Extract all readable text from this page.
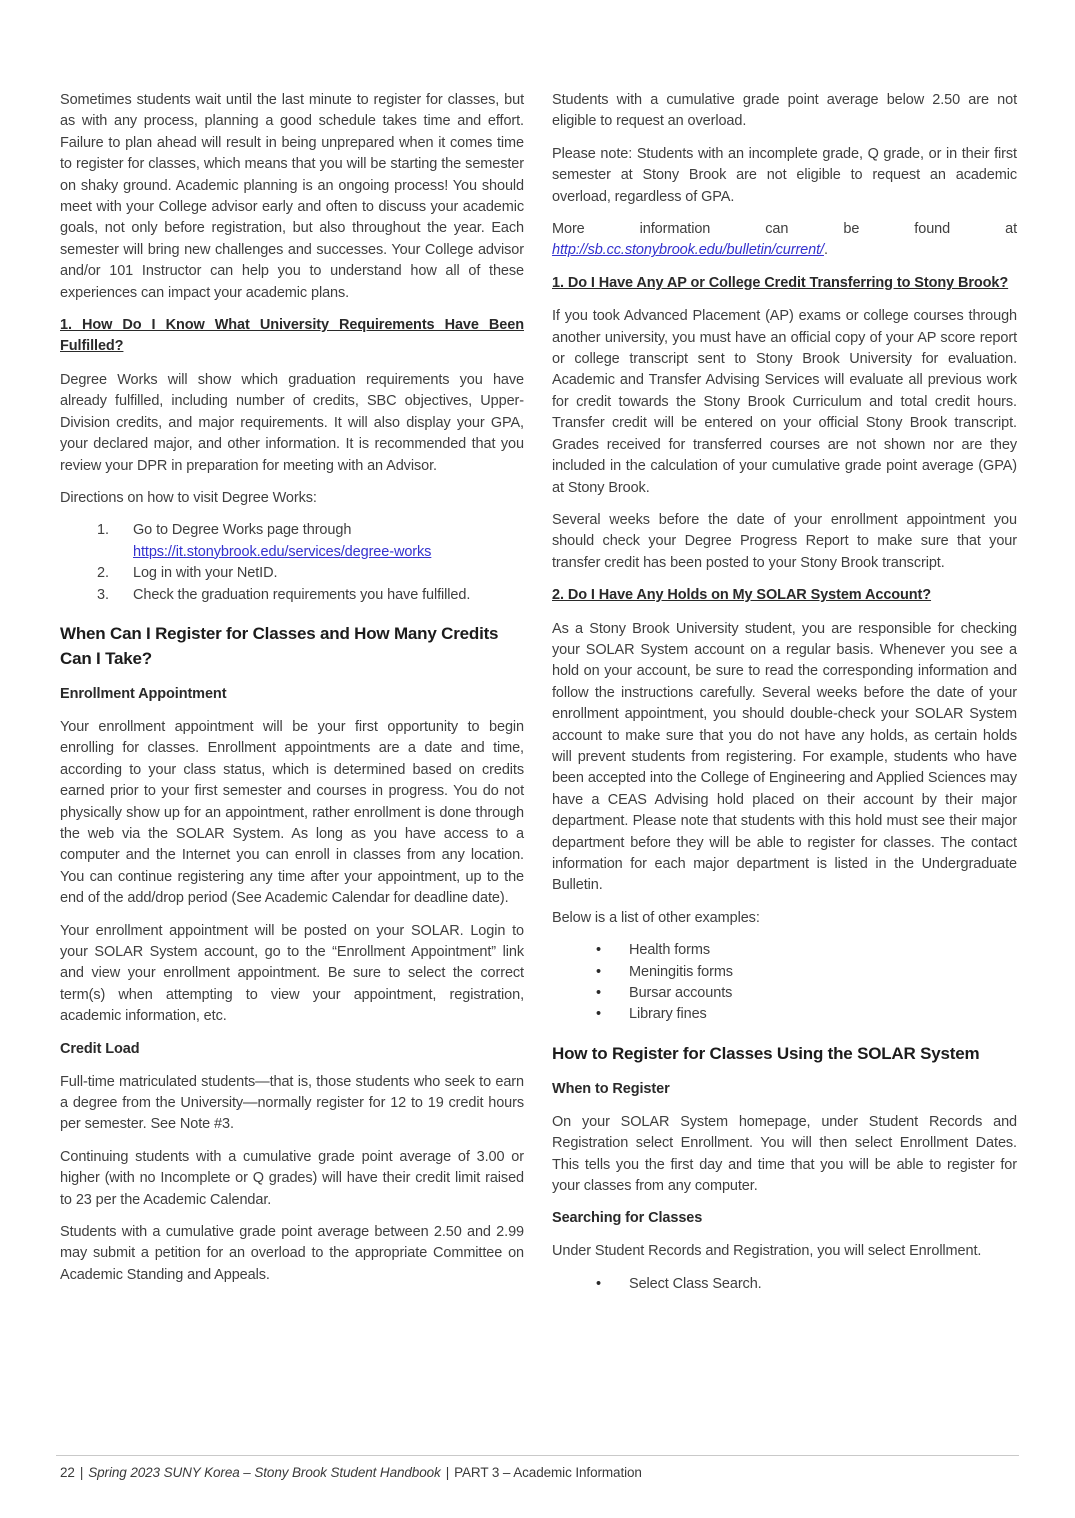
Sometimes students wait until the last minute to register for classes, but as with any process, planning a good schedule takes time and effort. Failure to plan ahead will result in being unprepared when it comes time to register for classes, which means that you will be starting the semester on shaky ground. Academic planning is an ongoing process! You should meet with your College advisor early and often to discuss your academic goals, not only before registration, but also throughout the year. Each semester will bring new challenges and successes. Your College advisor and/or 101 Instructor can help you to understand how all of these experiences can impact your academic plans.

1. How Do I Know What University Requirements Have Been Fulfilled?

Degree Works will show which graduation requirements you have already fulfilled, including number of credits, SBC objectives, Upper-Division credits, and major requirements. It will also display your GPA, your declared major, and other information. It is recommended that you review your DPR in preparation for meeting with an Advisor.

Directions on how to visit Degree Works:

1.	Go to Degree Works page through https://it.stonybrook.edu/services/degree-works
2.	Log in with your NetID.
3.	Check the graduation requirements you have fulfilled.
When Can I Register for Classes and How Many Credits Can I Take?
Enrollment Appointment

Your enrollment appointment will be your first opportunity to begin enrolling for classes. Enrollment appointments are a date and time, according to your class status, which is determined based on credits earned prior to your first semester and courses in progress. You do not physically show up for an appointment, rather enrollment is done through the web via the SOLAR System. As long as you have access to a computer and the Internet you can enroll in classes from any location. You can continue registering any time after your appointment, up to the end of the add/drop period (See Academic Calendar for deadline date).

Your enrollment appointment will be posted on your SOLAR. Login to your SOLAR System account, go to the “Enrollment Appointment” link and view your enrollment appointment. Be sure to select the correct term(s) when attempting to view your appointment, registration, academic information, etc.

Credit Load

Full-time matriculated students—that is, those students who seek to earn a degree from the University—normally register for 12 to 19 credit hours per semester. See Note #3.

Continuing students with a cumulative grade point average of 3.00 or higher (with no Incomplete or Q grades) will have their credit limit raised to 23 per the Academic Calendar.

Students with a cumulative grade point average between 2.50 and 2.99 may submit a petition for an overload to the appropriate Committee on Academic Standing and Appeals.

Students with a cumulative grade point average below 2.50 are not eligible to request an overload.

Please note: Students with an incomplete grade, Q grade, or in their first semester at Stony Brook are not eligible to request an academic overload, regardless of GPA.

More information can be found at http://sb.cc.stonybrook.edu/bulletin/current/.

1. Do I Have Any AP or College Credit Transferring to Stony Brook?

If you took Advanced Placement (AP) exams or college courses through another university, you must have an official copy of your AP score report or college transcript sent to Stony Brook University for evaluation. Academic and Transfer Advising Services will evaluate all previous work for credit towards the Stony Brook Curriculum and total credit hours. Transfer credit will be entered on your official Stony Brook transcript. Grades received for transferred courses are not shown nor are they included in the calculation of your cumulative grade point average (GPA) at Stony Brook.

Several weeks before the date of your enrollment appointment you should check your Degree Progress Report to make sure that your transfer credit has been posted to your Stony Brook transcript.

2. Do I Have Any Holds on My SOLAR System Account?

As a Stony Brook University student, you are responsible for checking your SOLAR System account on a regular basis. Whenever you see a hold on your account, be sure to read the corresponding information and follow the instructions carefully. Several weeks before the date of your enrollment appointment, you should double-check your SOLAR System account to make sure that you do not have any holds, as certain holds will prevent students from registering. For example, students who have been accepted into the College of Engineering and Applied Sciences may have a CEAS Advising hold placed on their account by their major department. Please note that students with this hold must see their major department before they will be able to register for classes. The contact information for each major department is listed in the Undergraduate Bulletin.

Below is a list of other examples:

• Health forms
• Meningitis forms
• Bursar accounts
• Library fines
How to Register for Classes Using the SOLAR System
When to Register

On your SOLAR System homepage, under Student Records and Registration select Enrollment. You will then select Enrollment Dates. This tells you the first day and time that you will be able to register for your classes from any computer.

Searching for Classes

Under Student Records and Registration, you will select Enrollment.

• Select Class Search.
22 | Spring 2023 SUNY Korea – Stony Brook Student Handbook | PART 3 – Academic Information
